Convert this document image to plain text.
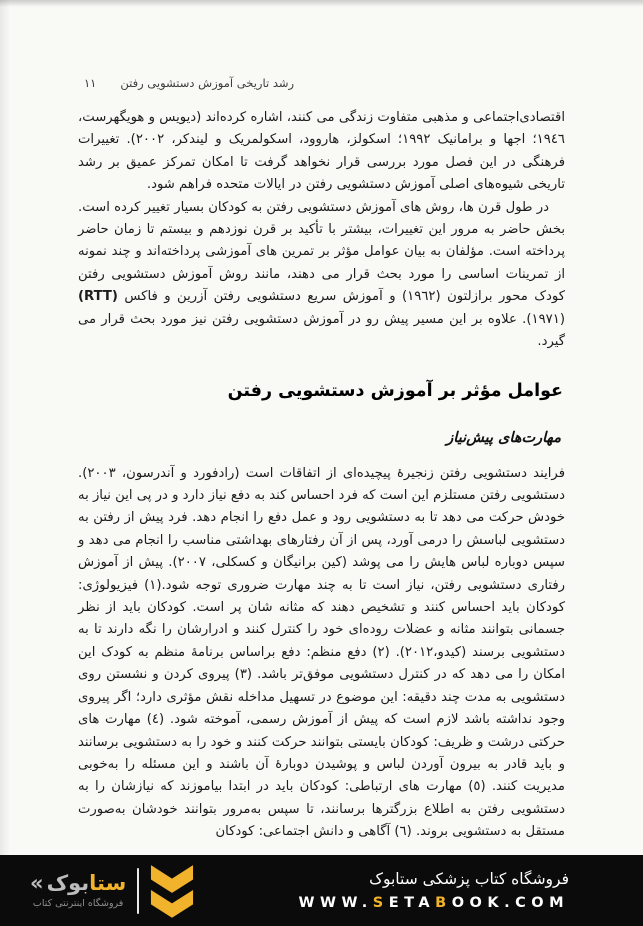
۱۱ رشد تاریخی آموزش دستشویی رفتن

اقتصادی‌اجتماعی و مذهبی متفاوت زندگی می کنند، اشاره کرده‌اند (دیویس و هویگهرست، ١٩٤٦؛ اجها و برامانیک ١٩٩٢؛ اسکولز، هاروود، اسکولمریک و لیندکر، ٢٠٠٢). تغییرات فرهنگی در این فصل مورد بررسی قرار نخواهد گرفت تا امکان تمرکز عمیق بر رشد تاریخی شیوه‌های اصلی آموزش دستشویی رفتن در ایالات متحده فراهم شود.

در طول قرن ها، روش های آموزش دستشویی رفتن به کودکان بسیار تغییر کرده است. بخش حاضر به مرور این تغییرات، بیشتر با تأکید بر قرن نوزدهم و بیستم تا زمان حاضر پرداخته است. مؤلفان به بیان عوامل مؤثر بر تمرین های آموزشی پرداخته‌اند و چند نمونه از تمرینات اساسی را مورد بحث قرار می دهند، مانند روش آموزش دستشویی رفتن کودک محور برازلتون (١٩٦٢) و آموزش سریع دستشویی رفتن آزرین و فاکس (RTT) (١٩٧١). علاوه بر این مسیر پیش رو در آموزش دستشویی رفتن نیز مورد بحث قرار می گیرد.

عوامل مؤثر بر آموزش دستشویی رفتن
مهارت‌های پیش‌نیاز

فرایند دستشویی رفتن زنجیرهٔ پیچیده‌ای از اتفاقات است (رادفورد و آندرسون، ٢٠٠٣). دستشویی رفتن مستلزم این است که فرد احساس کند به دفع نیاز دارد و در پی این نیاز به خودش حرکت می دهد تا به دستشویی رود و عمل دفع را انجام دهد. فرد پیش از رفتن به دستشویی لباسش را درمی آورد، پس از آن رفتارهای بهداشتی مناسب را انجام می دهد و سپس دوباره لباس هایش را می پوشد (کین برانیگان و کسکلی، ٢٠٠٧). پیش از آموزش رفتاری دستشویی رفتن، نیاز است تا به چند مهارت ضروری توجه شود.(١) فیزیولوژی: کودکان باید احساس کنند و تشخیص دهند که مثانه شان پر است. کودکان باید از نظر جسمانی بتوانند مثانه و عضلات روده‌ای خود را کنترل کنند و ادرارشان را نگه دارند تا به دستشویی برسند (کیدو،٢٠١٢). (٢) دفع منظم: دفع براساس برنامهٔ منظم به کودک این امکان را می دهد که در کنترل دستشویی موفق‌تر باشد. (٣) پیروی کردن و نشستن روی دستشویی به مدت چند دقیقه: این موضوع در تسهیل مداخله نقش مؤثری دارد؛ اگر پیروی وجود نداشته باشد لازم است که پیش از آموزش رسمی، آموخته شود. (٤) مهارت های حرکتی درشت و ظریف: کودکان بایستی بتوانند حرکت کنند و خود را به دستشویی برسانند و باید قادر به بیرون آوردن لباس و پوشیدن دوبارهٔ آن باشند و این مسئله را به‌خوبی مدیریت کنند. (٥) مهارت های ارتباطی: کودکان باید در ابتدا بیاموزند که نیازشان را به دستشویی رفتن به اطلاع بزرگترها برسانند، تا سپس به‌مرور بتوانند خودشان به‌صورت مستقل به دستشویی بروند. (٦) آگاهی و دانش اجتماعی: کودکان

ستابوک«
فروشگاه اینترنتی کتاب
فروشگاه کتاب پزشکی ستابوک
WWW.SETABOOK.COM
